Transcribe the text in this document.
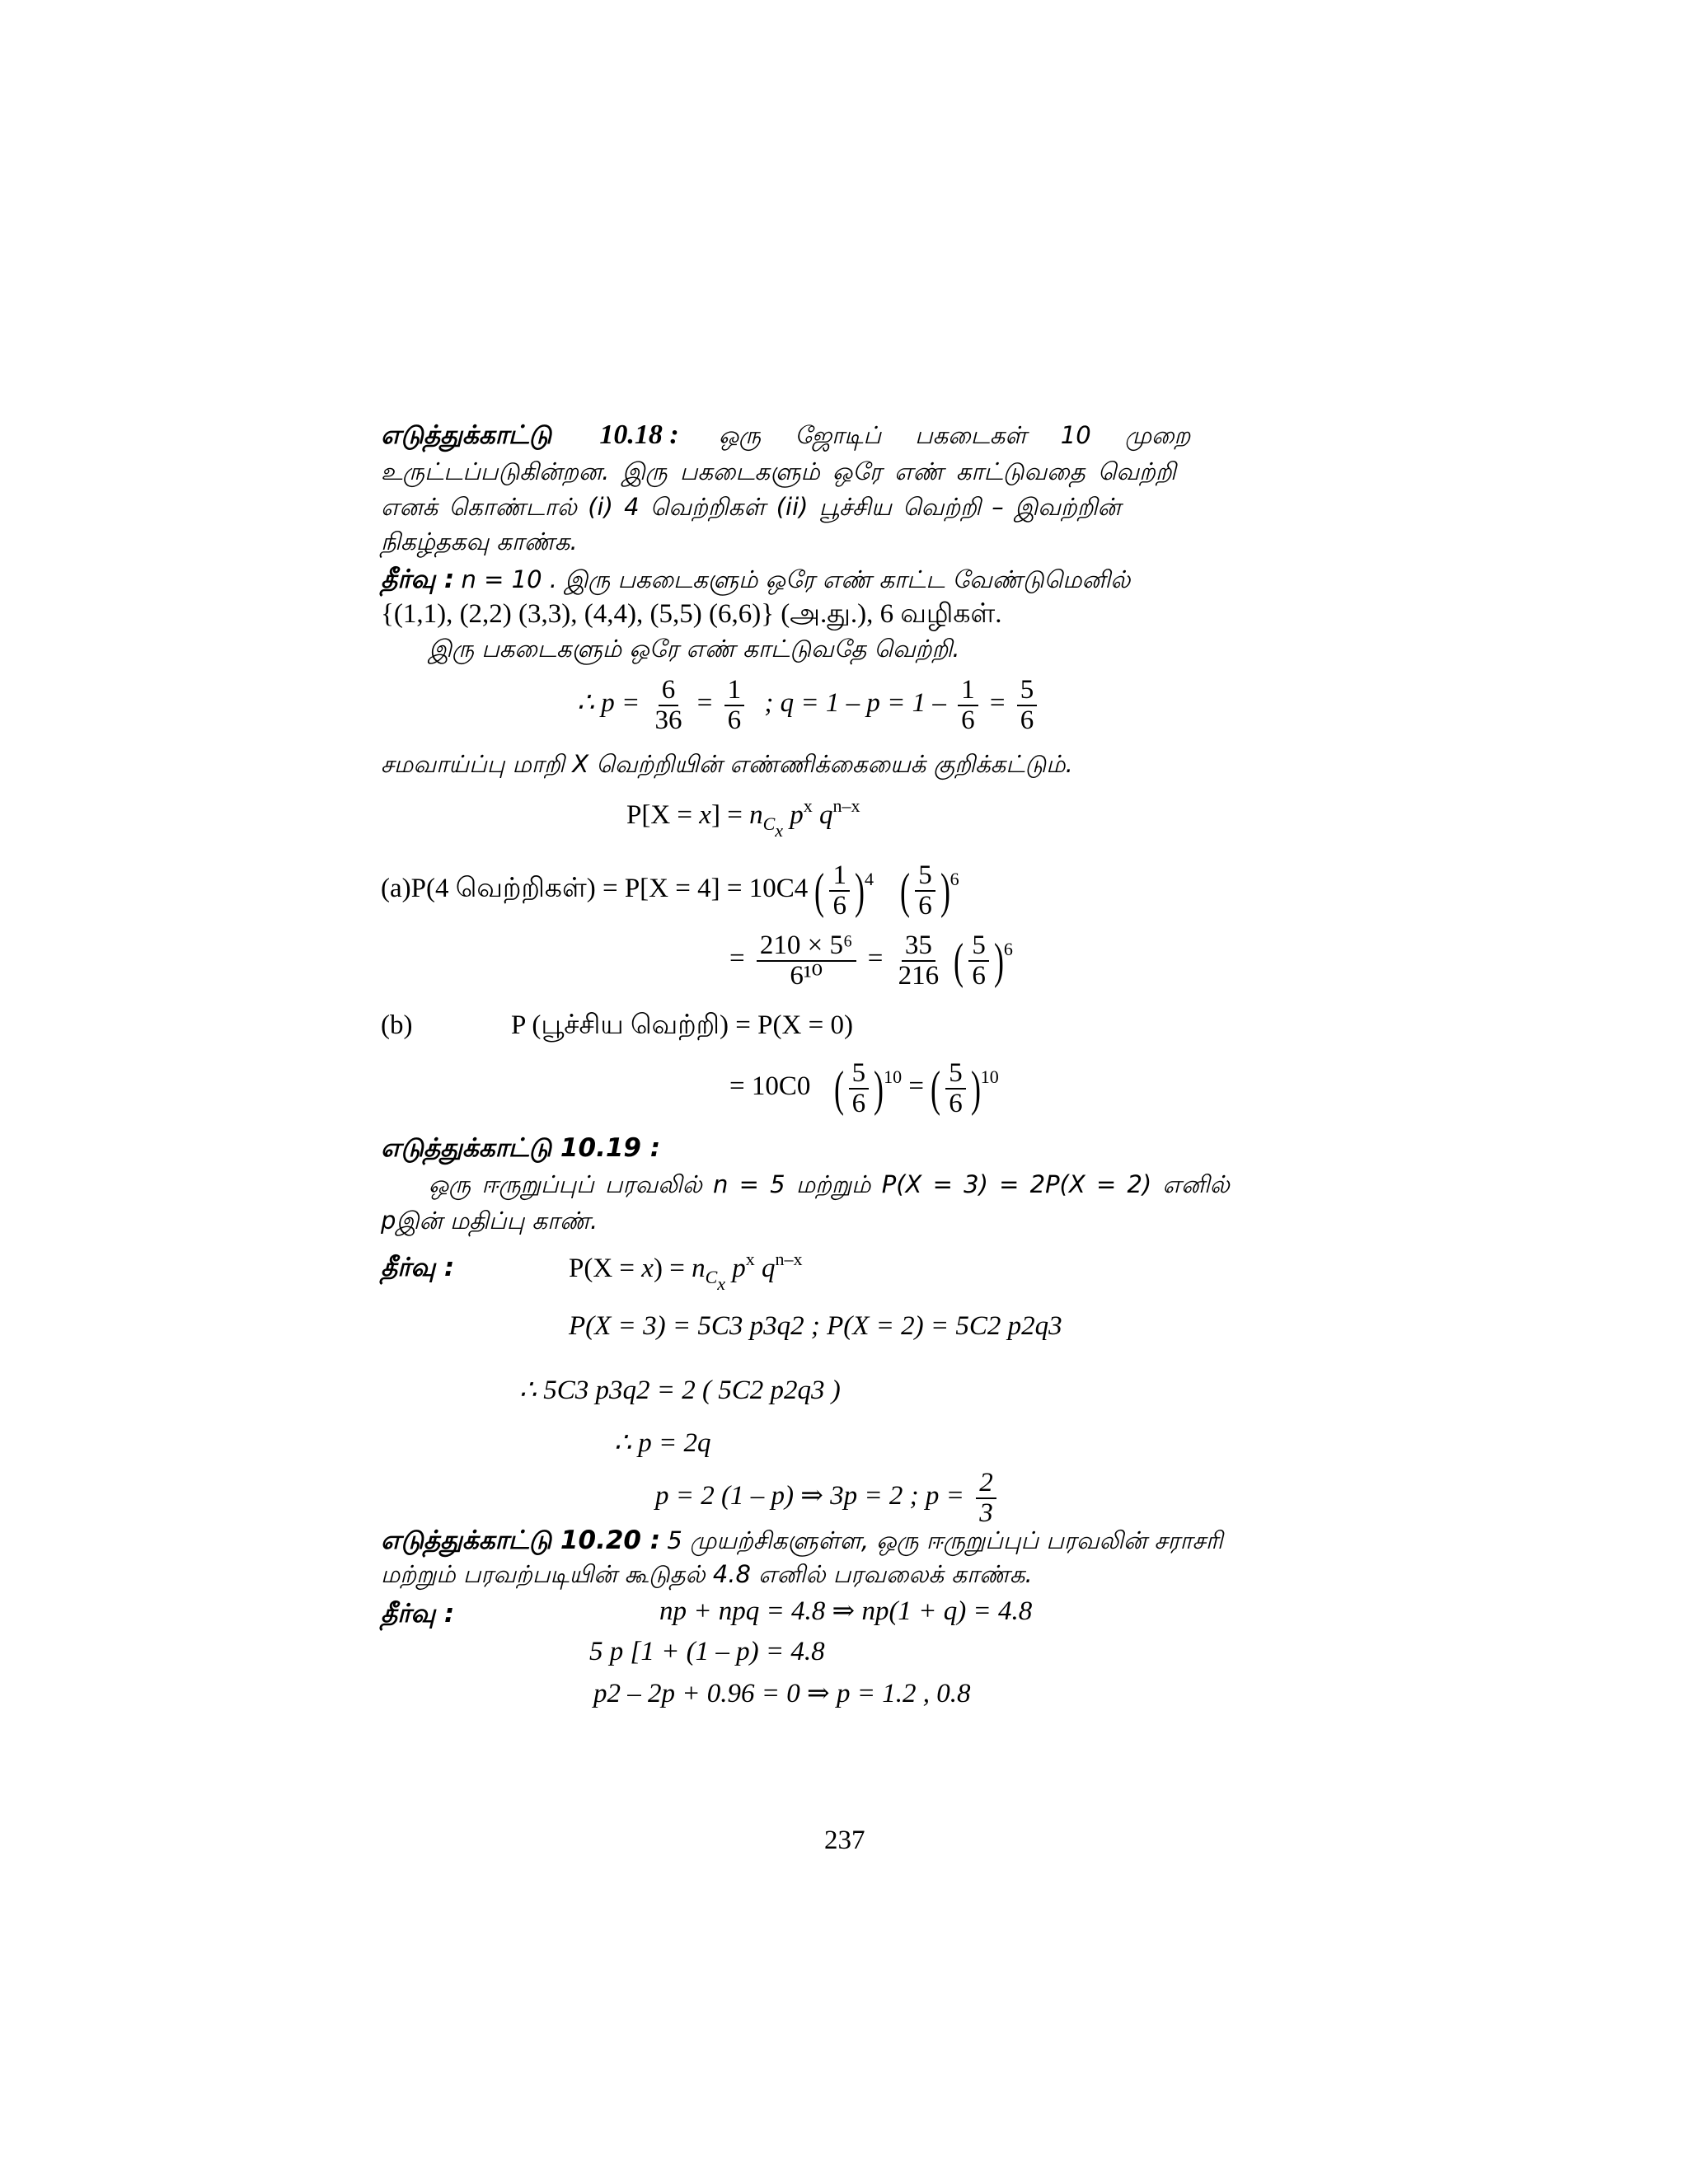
எடுத்துக்காட்டு 10.18 : ஒரு ஜோடிப் பகடைகள் 10 முறை
உருட்டப்படுகின்றன. இரு பகடைகளும் ஒரே எண் காட்டுவதை வெற்றி
எனக் கொண்டால் (i) 4 வெற்றிகள் (ii) பூச்சிய வெற்றி – இவற்றின்
நிகழ்தகவு காண்க.
தீர்வு : n = 10 . இரு பகடைகளும் ஒரே எண் காட்ட வேண்டுமெனில்
{(1,1), (2,2) (3,3), (4,4), (5,5) (6,6)} (அ.து.), 6 வழிகள்.
இரு பகடைகளும் ஒரே எண் காட்டுவதே வெற்றி.
∴ $p = \frac{6}{36} = \frac{1}{6}$ ; $q = 1 - p = 1 - \frac{1}{6} = \frac{5}{6}$
சமவாய்ப்பு மாறி X வெற்றியின் எண்ணிக்கையைக் குறிக்கட்டும்.
$P[X = x] = n_{C_x}$ $p^x$ $q^{n-x}$
(a)P(4 வெற்றிகள்) = P[X = 4] = 10C4 ( $\frac{1}{6} )^4$ ( $\frac{5}{6} )^6$
= $\frac{\text{210 × 5⁶}}{\text{6¹⁰}} = \frac{35}{216}$ ( $\frac{5}{6} )^6$
(b)	P (பூச்சிய வெற்றி) = P(X = 0)
= 10C0 ( $\frac{5}{6} )^{10}$ = ( $\frac{5}{6} )^{10}$
எடுத்துக்காட்டு 10.19 :
ஒரு ஈருறுப்புப் பரவலில் n = 5 மற்றும் P(X = 3) = 2P(X = 2) எனில்
pஇன் மதிப்பு காண்.
தீர்வு :	$P(X = x) = n_{C_x}$ $p^x$ $q^{n-x}$
P(X = 3) = 5C3 p3q2 ; P(X = 2) = 5C2 p2q3
∴ 5C3 p3q2 = 2 ( 5C2 p2q3 )
∴ p = 2q
p = 2 (1 – p) ⇒ 3p = 2 ; $p = \frac{2}{3}$
எடுத்துக்காட்டு 10.20 : 5 முயற்சிகளுள்ள, ஒரு ஈருறுப்புப் பரவலின் சராசரி
மற்றும் பரவற்படியின் கூடுதல் 4.8 எனில் பரவலைக் காண்க.
தீர்வு :	np + npq = 4.8 ⇒ np(1 + q) = 4.8
5 p [1 + (1 – p) = 4.8
p2 – 2p + 0.96 = 0 ⇒ p = 1.2 , 0.8
237
